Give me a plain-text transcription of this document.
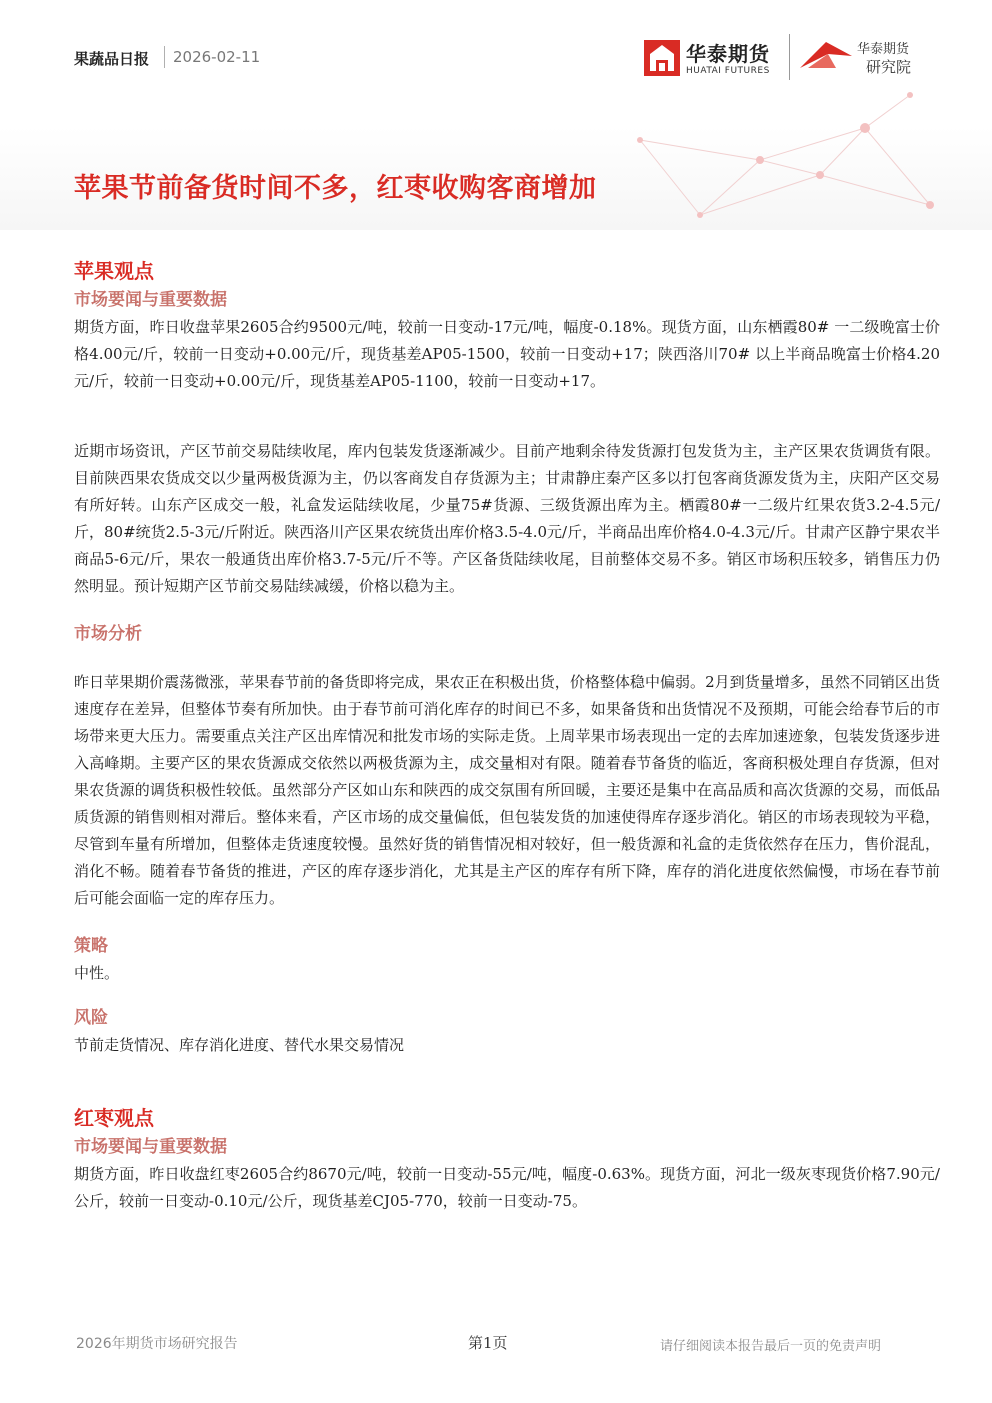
果蔬品日报 2026-02-11	华泰期货
HUATAI FUTURES
华泰期货
研究院
苹果节前备货时间不多，红枣收购客商增加
苹果观点
市场要闻与重要数据

期货方面，昨日收盘苹果2605合约9500元/吨，较前一日变动-17元/吨，幅度-0.18%。现货方面，山东栖霞80# 一二级晚富士价格4.00元/斤，较前一日变动+0.00元/斤，现货基差AP05-1500，较前一日变动+17；陕西洛川70# 以上半商品晚富士价格4.20元/斤，较前一日变动+0.00元/斤，现货基差AP05-1100，较前一日变动+17。

近期市场资讯，产区节前交易陆续收尾，库内包装发货逐渐减少。目前产地剩余待发货源打包发货为主，主产区果农货调货有限。目前陕西果农货成交以少量两极货源为主，仍以客商发自存货源为主；甘肃静庄秦产区多以打包客商货源发货为主，庆阳产区交易有所好转。山东产区成交一般，礼盒发运陆续收尾，少量75#货源、三级货源出库为主。栖霞80#一二级片红果农货3.2-4.5元/斤，80#统货2.5-3元/斤附近。陕西洛川产区果农统货出库价格3.5-4.0元/斤，半商品出库价格4.0-4.3元/斤。甘肃产区静宁果农半商品5-6元/斤，果农一般通货出库价格3.7-5元/斤不等。产区备货陆续收尾，目前整体交易不多。销区市场积压较多，销售压力仍然明显。预计短期产区节前交易陆续减缓，价格以稳为主。

市场分析

昨日苹果期价震荡微涨，苹果春节前的备货即将完成，果农正在积极出货，价格整体稳中偏弱。2月到货量增多，虽然不同销区出货速度存在差异，但整体节奏有所加快。由于春节前可消化库存的时间已不多，如果备货和出货情况不及预期，可能会给春节后的市场带来更大压力。需要重点关注产区出库情况和批发市场的实际走货。上周苹果市场表现出一定的去库加速迹象，包装发货逐步进入高峰期。主要产区的果农货源成交依然以两极货源为主，成交量相对有限。随着春节备货的临近，客商积极处理自存货源，但对果农货源的调货积极性较低。虽然部分产区如山东和陕西的成交氛围有所回暖，主要还是集中在高品质和高次货源的交易，而低品质货源的销售则相对滞后。整体来看，产区市场的成交量偏低，但包装发货的加速使得库存逐步消化。销区的市场表现较为平稳，尽管到车量有所增加，但整体走货速度较慢。虽然好货的销售情况相对较好，但一般货源和礼盒的走货依然存在压力，售价混乱，消化不畅。随着春节备货的推进，产区的库存逐步消化，尤其是主产区的库存有所下降，库存的消化进度依然偏慢，市场在春节前后可能会面临一定的库存压力。

策略

中性。

风险

节前走货情况、库存消化进度、替代水果交易情况

红枣观点
市场要闻与重要数据

期货方面，昨日收盘红枣2605合约8670元/吨，较前一日变动-55元/吨，幅度-0.63%。现货方面，河北一级灰枣现货价格7.90元/公斤，较前一日变动-0.10元/公斤，现货基差CJ05-770，较前一日变动-75。

2026年期货市场研究报告	第1页	请仔细阅读本报告最后一页的免责声明
